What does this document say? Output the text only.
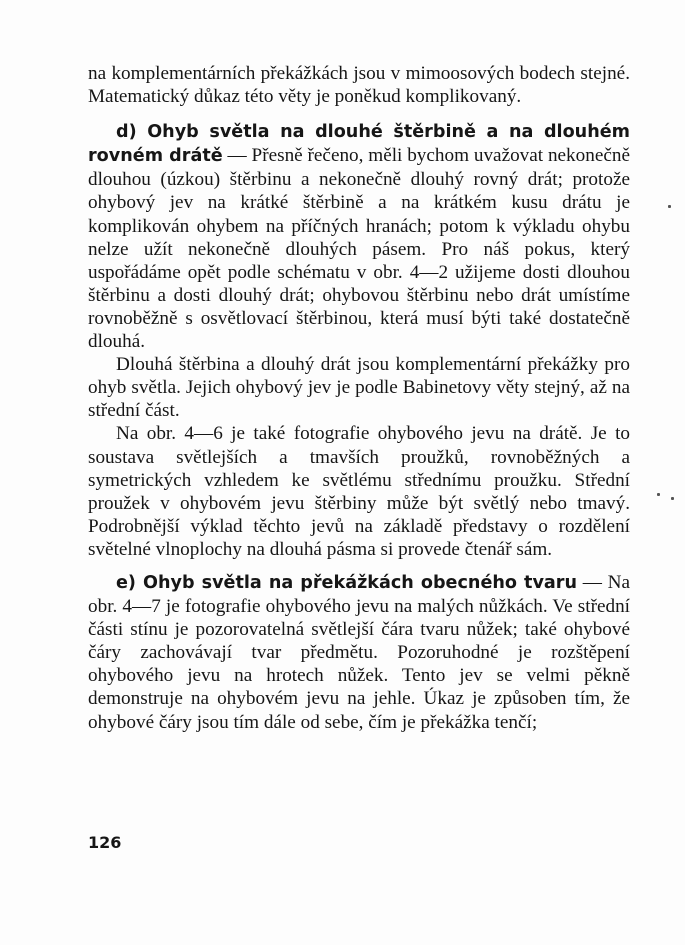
na komplementárních překážkách jsou v mimoosových bodech stejné. Matematický důkaz této věty je poněkud komplikovaný.

d) Ohyb světla na dlouhé štěrbině a na dlouhém rovném drátě — Přesně řečeno, měli bychom uvažovat nekonečně dlouhou (úzkou) štěrbinu a nekonečně dlouhý rovný drát; protože ohybový jev na krátké štěrbině a na krátkém kusu drátu je komplikován ohybem na příčných hranách; potom k výkladu ohybu nelze užít nekonečně dlouhých pásem. Pro náš pokus, který uspořádáme opět podle schématu v obr. 4—2 užijeme dosti dlouhou štěrbinu a dosti dlouhý drát; ohybovou štěrbinu nebo drát umístíme rovnoběžně s osvětlovací štěrbinou, která musí býti také dostatečně dlouhá.

Dlouhá štěrbina a dlouhý drát jsou komplementární překážky pro ohyb světla. Jejich ohybový jev je podle Babinetovy věty stejný, až na střední část.

Na obr. 4—6 je také fotografie ohybového jevu na drátě. Je to soustava světlejších a tmavších proužků, rovnoběžných a symetrických vzhledem ke světlému střednímu proužku. Střední proužek v ohybovém jevu štěrbiny může být světlý nebo tmavý. Podrobnější výklad těchto jevů na základě představy o rozdělení světelné vlnoplochy na dlouhá pásma si provede čtenář sám.

e) Ohyb světla na překážkách obecného tvaru — Na obr. 4—7 je fotografie ohybového jevu na malých nůžkách. Ve střední části stínu je pozorovatelná světlejší čára tvaru nůžek; také ohybové čáry zachovávají tvar předmětu. Pozoruhodné je rozštěpení ohybového jevu na hrotech nůžek. Tento jev se velmi pěkně demonstruje na ohybovém jevu na jehle. Úkaz je způsoben tím, že ohybové čáry jsou tím dále od sebe, čím je překážka tenčí;

126
